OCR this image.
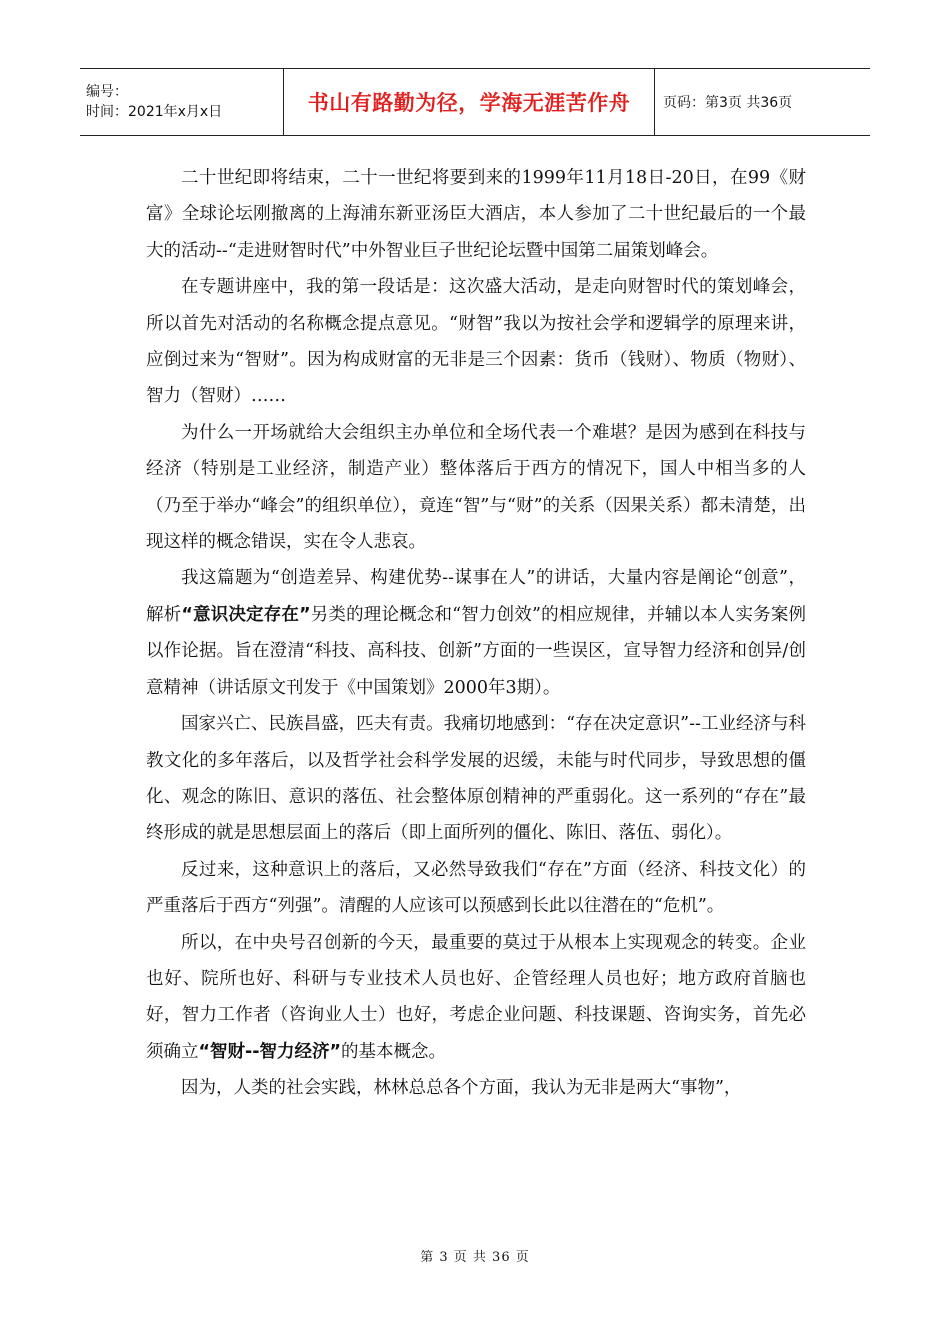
编号：
时间：2021年x月x日	书山有路勤为径，学海无涯苦作舟	页码：第3页 共36页

二十世纪即将结束，二十一世纪将要到来的1999年11月18日-20日，在99《财富》全球论坛刚撤离的上海浦东新亚汤臣大酒店，本人参加了二十世纪最后的一个最大的活动--“走进财智时代”中外智业巨子世纪论坛暨中国第二届策划峰会。

在专题讲座中，我的第一段话是：这次盛大活动，是走向财智时代的策划峰会，所以首先对活动的名称概念提点意见。“财智”我以为按社会学和逻辑学的原理来讲，应倒过来为“智财”。因为构成财富的无非是三个因素：货币（钱财）、物质（物财）、智力（智财）……

为什么一开场就给大会组织主办单位和全场代表一个难堪？是因为感到在科技与经济（特别是工业经济，制造产业）整体落后于西方的情况下，国人中相当多的人（乃至于举办“峰会”的组织单位），竟连“智”与“财”的关系（因果关系）都未清楚，出现这样的概念错误，实在令人悲哀。

我这篇题为“创造差异、构建优势--谋事在人”的讲话，大量内容是阐论“创意”，解析“意识决定存在”另类的理论概念和“智力创效”的相应规律，并辅以本人实务案例以作论据。旨在澄清“科技、高科技、创新”方面的一些误区，宣导智力经济和创异/创意精神（讲话原文刊发于《中国策划》2000年3期）。

国家兴亡、民族昌盛，匹夫有责。我痛切地感到：“存在决定意识”--工业经济与科教文化的多年落后，以及哲学社会科学发展的迟缓，未能与时代同步，导致思想的僵化、观念的陈旧、意识的落伍、社会整体原创精神的严重弱化。这一系列的“存在”最终形成的就是思想层面上的落后（即上面所列的僵化、陈旧、落伍、弱化）。

反过来，这种意识上的落后，又必然导致我们“存在”方面（经济、科技文化）的严重落后于西方“列强”。清醒的人应该可以预感到长此以往潜在的“危机”。

所以，在中央号召创新的今天，最重要的莫过于从根本上实现观念的转变。企业也好、院所也好、科研与专业技术人员也好、企管经理人员也好；地方政府首脑也好，智力工作者（咨询业人士）也好，考虑企业问题、科技课题、咨询实务，首先必须确立“智财--智力经济”的基本概念。

因为，人类的社会实践，林林总总各个方面，我认为无非是两大“事物”，

第 3 页 共 36 页
